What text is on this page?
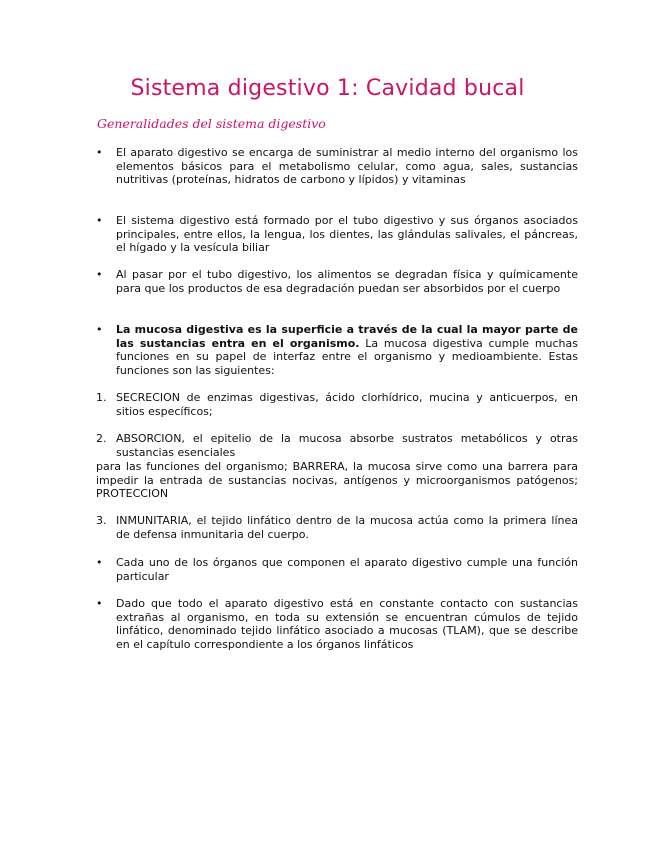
Sistema digestivo 1: Cavidad bucal
Generalidades del sistema digestivo
•	El aparato digestivo se encarga de suministrar al medio interno del organismo los elementos básicos para el metabolismo celular, como agua, sales, sustancias nutritivas (proteínas, hidratos de carbono y lípidos) y vitaminas
•	El sistema digestivo está formado por el tubo digestivo y sus órganos asociados principales, entre ellos, la lengua, los dientes, las glándulas salivales, el páncreas, el hígado y la vesícula biliar
•	Al pasar por el tubo digestivo, los alimentos se degradan física y químicamente para que los productos de esa degradación puedan ser absorbidos por el cuerpo
•	La mucosa digestiva es la superficie a través de la cual la mayor parte de las sustancias entra en el organismo. La mucosa digestiva cumple muchas funciones en su papel de interfaz entre el organismo y medioambiente. Estas funciones son las siguientes:
1. SECRECION de enzimas digestivas, ácido clorhídrico, mucina y anticuerpos, en sitios específicos;
2. ABSORCION, el epitelio de la mucosa absorbe sustratos metabólicos y otras sustancias esenciales
para las funciones del organismo; BARRERA, la mucosa sirve como una barrera para impedir la entrada de sustancias nocivas, antígenos y microorganismos patógenos; PROTECCION
3. INMUNITARIA, el tejido linfático dentro de la mucosa actúa como la primera línea de defensa inmunitaria del cuerpo.
•	Cada uno de los órganos que componen el aparato digestivo cumple una función particular
•	Dado que todo el aparato digestivo está en constante contacto con sustancias extrañas al organismo, en toda su extensión se encuentran cúmulos de tejido linfático, denominado tejido linfático asociado a mucosas (TLAM), que se describe en el capítulo correspondiente a los órganos linfáticos
